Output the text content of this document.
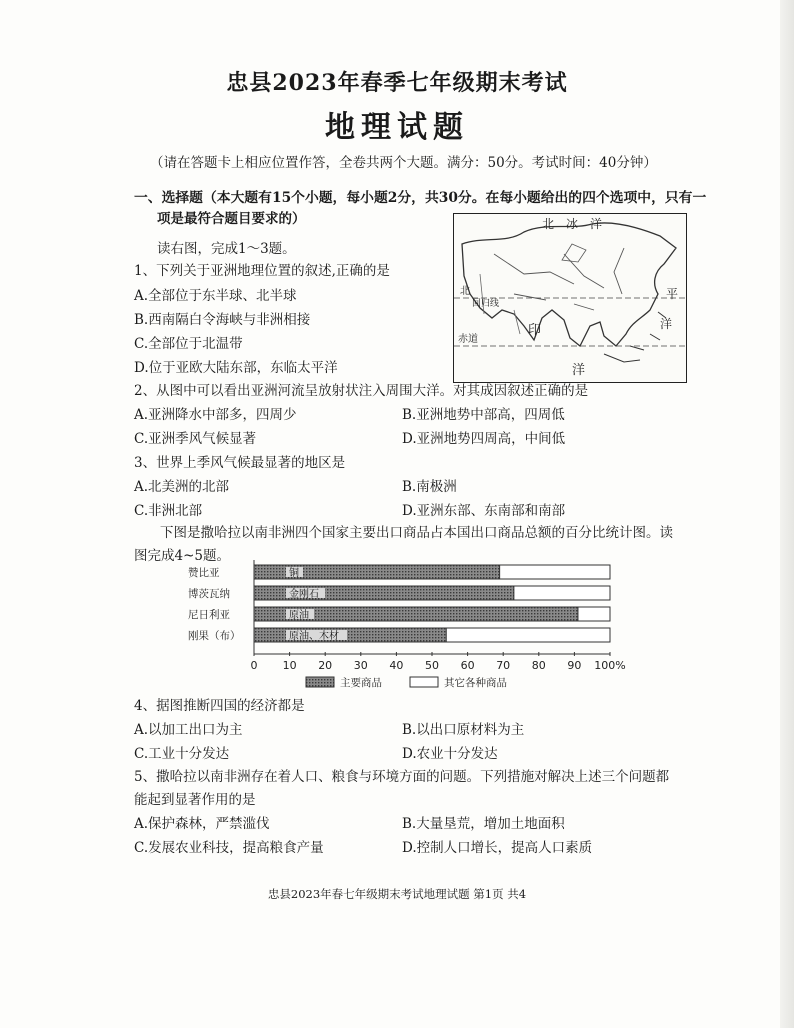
忠县2023年春季七年级期末考试
地理试题
（请在答题卡上相应位置作答，全卷共两个大题。满分：50分。考试时间：40分钟）
一、选择题（本大题有15个小题，每小题2分，共30分。在每小题给出的四个选项中，只有一
项是最符合题目要求的）
读右图，完成1～3题。
北　冰　洋
北
回归线
赤道
印
洋
平
洋
1、下列关于亚洲地理位置的叙述,正确的是
A.全部位于东半球、北半球
B.西南隔白令海峡与非洲相接
C.全部位于北温带
D.位于亚欧大陆东部，东临太平洋
2、从图中可以看出亚洲河流呈放射状注入周围大洋。对其成因叙述正确的是
A.亚洲降水中部多，四周少	B.亚洲地势中部高，四周低
C.亚洲季风气候显著	D.亚洲地势四周高，中间低
3、世界上季风气候最显著的地区是
A.北美洲的北部	B.南极洲
C.非洲北部	D.亚洲东部、东南部和南部
下图是撒哈拉以南非洲四个国家主要出口商品占本国出口商品总额的百分比统计图。读
图完成4~5题。
赞比亚	铜
博茨瓦纳	金刚石
尼日利亚	原油
刚果（布）	原油、木材
0 10 20 30 40 50 60 70 80 90 100%
主要商品	其它各种商品
4、据图推断四国的经济都是
A.以加工出口为主	B.以出口原材料为主
C.工业十分发达	D.农业十分发达
5、撒哈拉以南非洲存在着人口、粮食与环境方面的问题。下列措施对解决上述三个问题都
能起到显著作用的是
A.保护森林，严禁滥伐	B.大量垦荒，增加土地面积
C.发展农业科技，提高粮食产量	D.控制人口增长，提高人口素质
忠县2023年春七年级期末考试地理试题 第1页 共4
